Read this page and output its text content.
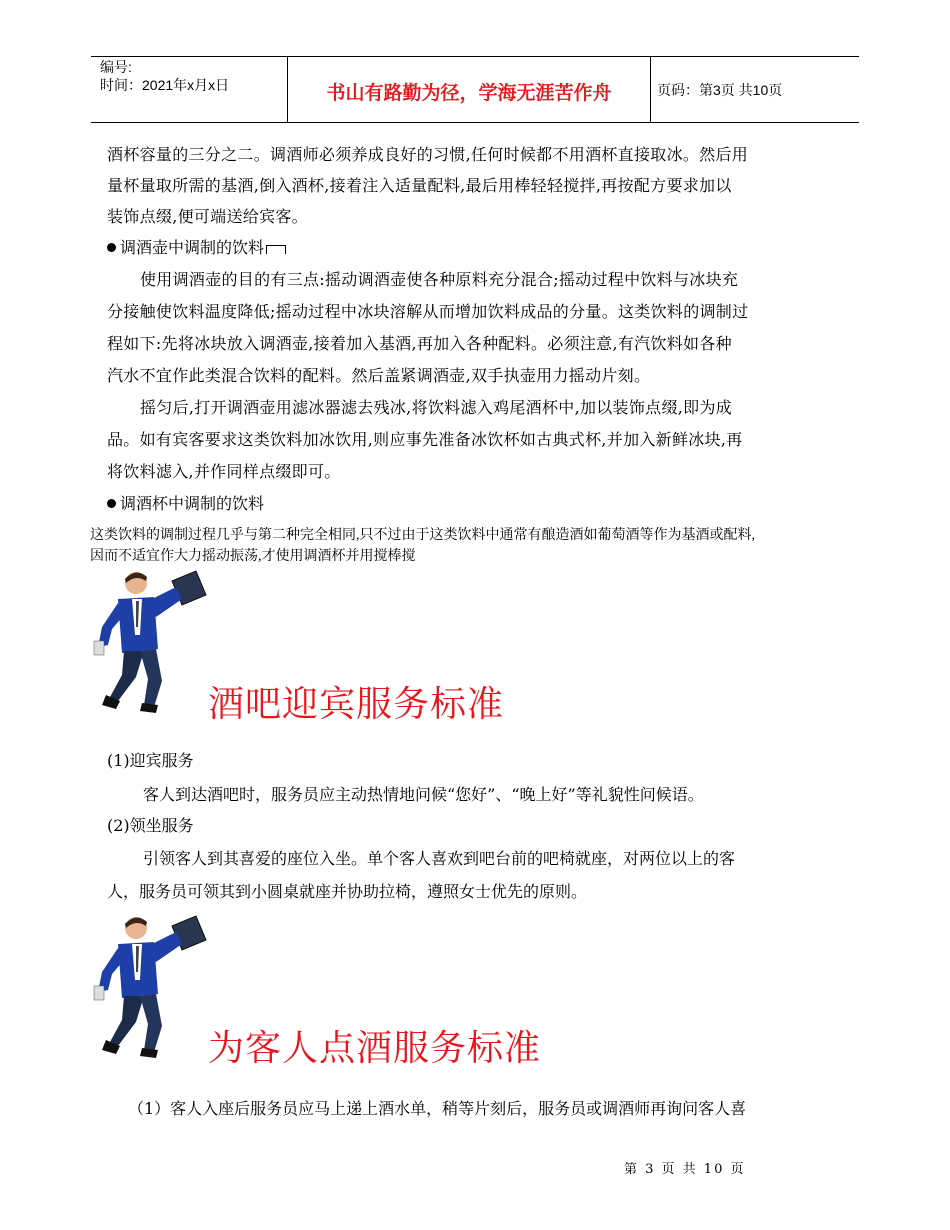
编号:
时间：2021年x月x日	书山有路勤为径，学海无涯苦作舟	页码：第3页 共10页
酒杯容量的三分之二。调酒师必须养成良好的习惯,任何时候都不用酒杯直接取冰。然后用
量杯量取所需的基酒,倒入酒杯,接着注入适量配料,最后用棒轻轻搅拌,再按配方要求加以
装饰点缀,便可端送给宾客。
调酒壶中调制的饮料
使用调酒壶的目的有三点:摇动调酒壶使各种原料充分混合;摇动过程中饮料与冰块充
分接触使饮料温度降低;摇动过程中冰块溶解从而增加饮料成品的分量。这类饮料的调制过
程如下:先将冰块放入调酒壶,接着加入基酒,再加入各种配料。必须注意,有汽饮料如各种
汽水不宜作此类混合饮料的配料。然后盖紧调酒壶,双手执壶用力摇动片刻。
摇匀后,打开调酒壶用滤冰器滤去残冰,将饮料滤入鸡尾酒杯中,加以装饰点缀,即为成
品。如有宾客要求这类饮料加冰饮用,则应事先准备冰饮杯如古典式杯,并加入新鲜冰块,再
将饮料滤入,并作同样点缀即可。
调酒杯中调制的饮料
这类饮料的调制过程几乎与第二种完全相同,只不过由于这类饮料中通常有酿造酒如葡萄酒等作为基酒或配料,
因而不适宜作大力摇动振荡,才使用调酒杯并用搅棒搅
酒吧迎宾服务标准
(1)迎宾服务
客人到达酒吧时，服务员应主动热情地问候“您好”、“晚上好”等礼貌性问候语。
(2)领坐服务
引领客人到其喜爱的座位入坐。单个客人喜欢到吧台前的吧椅就座，对两位以上的客
人，服务员可领其到小圆桌就座并协助拉椅，遵照女士优先的原则。
为客人点酒服务标准
（1）客人入座后服务员应马上递上酒水单，稍等片刻后，服务员或调酒师再询问客人喜
第 3 页 共 10 页
